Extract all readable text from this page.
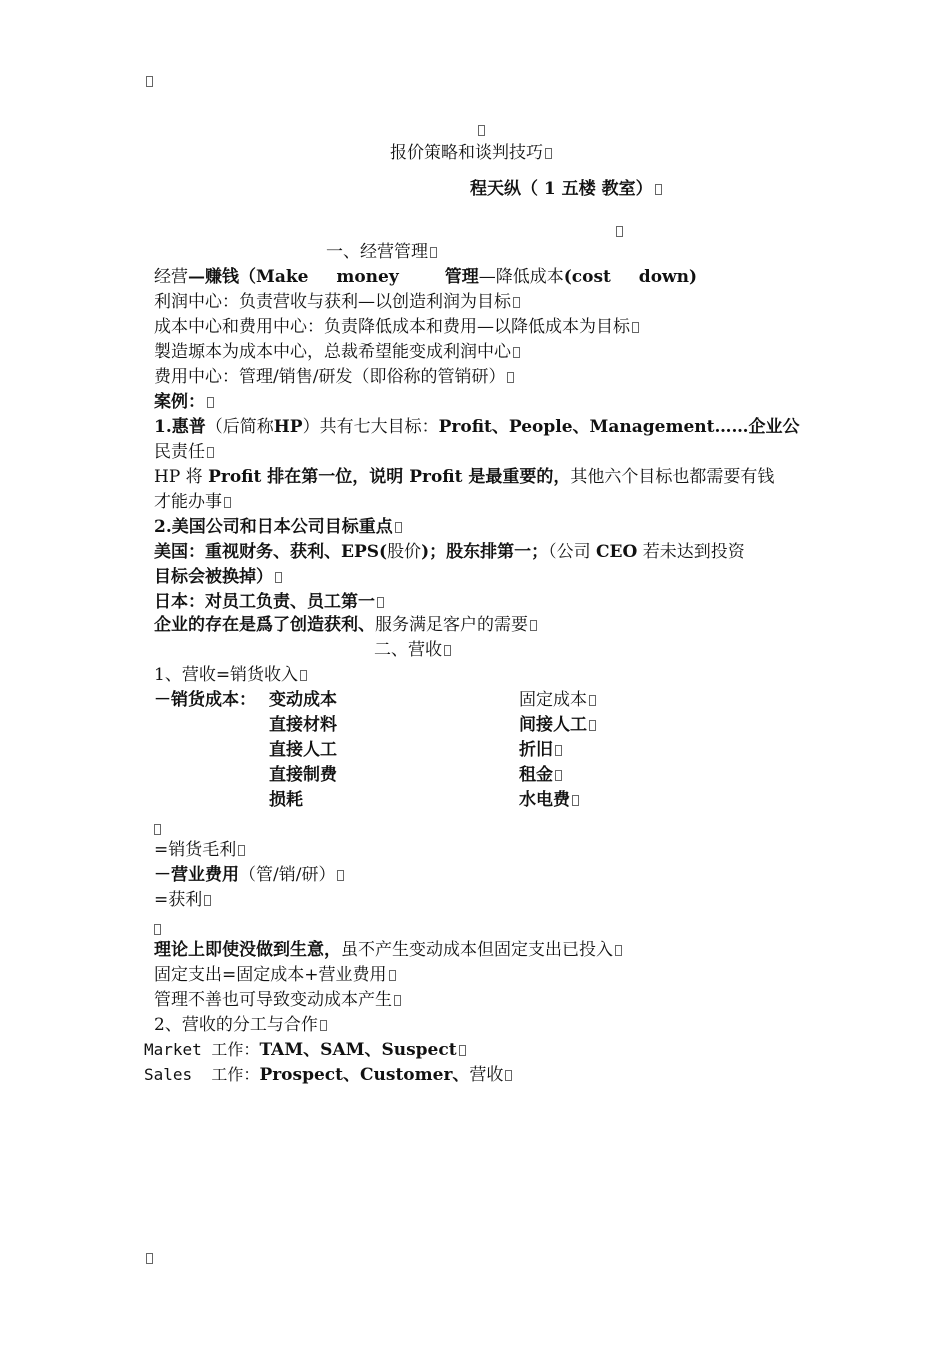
报价策略和谈判技巧
程天纵（ 1 五楼 教室）
一、经营管理
经营—赚钱（Make money	管理—降低成本(cost down)
利润中心：负责营收与获利—以创造利润为目标
成本中心和费用中心：负责降低成本和费用—以降低成本为目标
製造塬本为成本中心，总裁希望能变成利润中心
费用中心：管理/销售/研发（即俗称的管销研）
案例：
1.惠普（后简称HP）共有七大目标：Profit、People、Management……企业公
民责任
HP 将 Profit 排在第一位，说明 Profit 是最重要的，其他六个目标也都需要有钱
才能办事
2.美国公司和日本公司目标重点
美国：重视财务、获利、EPS(股价)；股东排第一；（公司 CEO 若未达到投资
目标会被换掉）
日本：对员工负责、员工第一
企业的存在是爲了创造获利、服务满足客户的需要
二、营收
1、营收=销货收入
－销货成本： 变动成本
直接材料
直接人工
直接制费
损耗
固定成本
间接人工
折旧
租金
水电费
=销货毛利
－营业费用（管/销/研）
=获利
理论上即使没做到生意，虽不产生变动成本但固定支出已投入
固定支出=固定成本+营业费用
管理不善也可导致变动成本产生
2、营收的分工与合作
Market 工作：TAM、SAM、Suspect
Sales  工作：Prospect、Customer、营收
